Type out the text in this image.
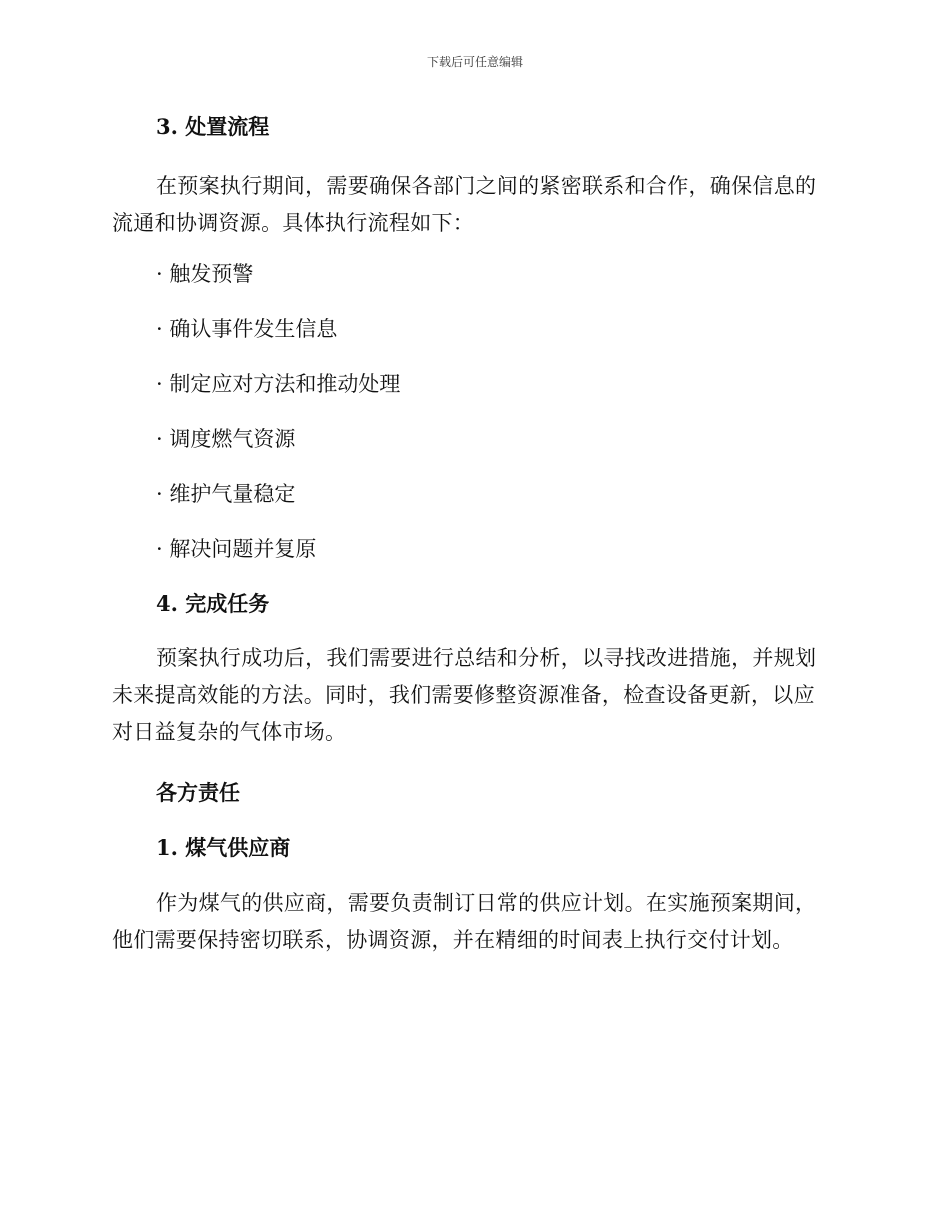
下载后可任意编辑

3. 处置流程

在预案执行期间，需要确保各部门之间的紧密联系和合作，确保信息的流通和协调资源。具体执行流程如下：

· 触发预警

· 确认事件发生信息

· 制定应对方法和推动处理

· 调度燃气资源

· 维护气量稳定

· 解决问题并复原

4. 完成任务

预案执行成功后，我们需要进行总结和分析，以寻找改进措施，并规划未来提高效能的方法。同时，我们需要修整资源准备，检查设备更新，以应对日益复杂的气体市场。

各方责任

1. 煤气供应商

作为煤气的供应商，需要负责制订日常的供应计划。在实施预案期间，他们需要保持密切联系，协调资源，并在精细的时间表上执行交付计划。
